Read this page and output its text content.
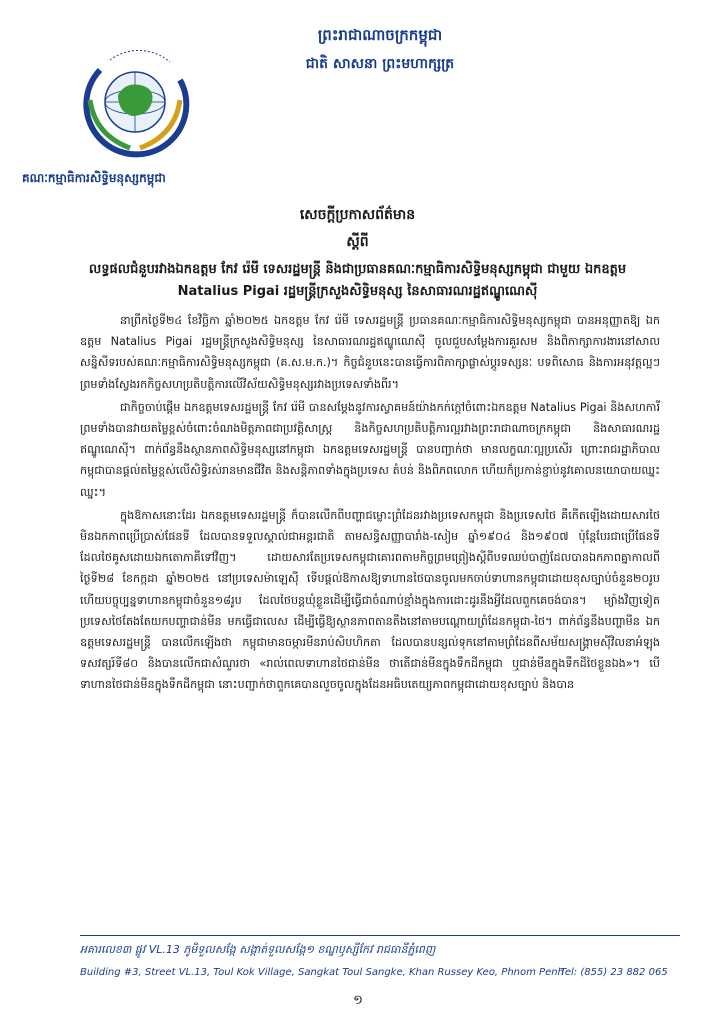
គណៈកម្មាធិការសិទ្ធិមនុស្សកម្ពុជា
ព្រះរាជាណាចក្រកម្ពុជា
ជាតិ សាសនា ព្រះមហាក្សត្រ
សេចក្តីប្រកាសព័ត៌មាន
ស្តីពី
លទ្ធផលជំនួបរវាងឯកឧត្តម កែវ រ៉េមី ទេសរដ្ឋមន្ត្រី និងជាប្រធានគណៈកម្មាធិការសិទ្ធិមនុស្សកម្ពុជា ជាមួយ ឯកឧត្តម Natalius Pigai រដ្ឋមន្ត្រីក្រសួងសិទ្ធិមនុស្ស នៃសាធារណរដ្ឋឥណ្ឌូណេស៊ី

នាព្រឹកថ្ងៃទី២៤ ខែវិច្ឆិកា ឆ្នាំ២០២៥ ឯកឧត្តម កែវ រ៉េមី ទេសរដ្ឋមន្ត្រី ប្រធានគណៈកម្មាធិការសិទ្ធិមនុស្សកម្ពុជា បានអនុញ្ញាតឱ្យ ឯកឧត្តម Natalius Pigai រដ្ឋមន្ត្រីក្រសួងសិទ្ធិមនុស្ស នៃសាធារណរដ្ឋឥណ្ឌូណេស៊ី ចូលជួបសម្តែងការគួរសម និងពិភាក្សាការងារនៅសាលសន្និសីទរបស់គណៈកម្មាធិការសិទ្ធិមនុស្សកម្ពុជា (គ.ស.ម.ក.)។ កិច្ចជំនួបនេះបានធ្វើការពិភាក្សាផ្លាស់ប្តូរទស្សនៈ បទពិសោធ និងការអនុវត្តល្អៗ ព្រមទាំងស្វែងរកកិច្ចសហប្រតិបត្តិការលើវិស័យសិទ្ធិមនុស្សរវាងប្រទេសទាំងពីរ។

ជាកិច្ចចាប់ផ្តើម ឯកឧត្តមទេសរដ្ឋមន្ត្រី កែវ រ៉េមី បានសម្តែងនូវការស្វាគមន៍យ៉ាងកក់ក្តៅចំពោះឯកឧត្តម Natalius Pigai និងសហការី ព្រមទាំងបានវាយតម្លៃខ្ពស់ចំពោះចំណងមិត្តភាពជាប្រវត្តិសាស្ត្រ និងកិច្ចសហប្រតិបត្តិការល្អរវាងព្រះរាជាណាចក្រកម្ពុជា និងសាធារណរដ្ឋឥណ្ឌូណេស៊ី។ ពាក់ព័ន្ធនឹងស្ថានភាពសិទ្ធិមនុស្សនៅកម្ពុជា ឯកឧត្តមទេសរដ្ឋមន្ត្រី បានបញ្ជាក់ថា មានលក្ខណៈល្អប្រសើរ ព្រោះរាជរដ្ឋាភិបាលកម្ពុជាបានផ្តល់តម្លៃខ្ពស់លើសិទ្ធិរស់រានមានជីវិត និងសន្តិភាពទាំងក្នុងប្រទេស តំបន់ និងពិភពលោក ហើយក៏ប្រកាន់ខ្ជាប់នូវគោលនយោបាយឈ្នះ ឈ្នះ។

ក្នុងឱកាសនោះដែរ ឯកឧត្តមទេសរដ្ឋមន្ត្រី ក៏បានលើកពីបញ្ហាជម្លោះព្រំដែនរវាងប្រទេសកម្ពុជា និងប្រទេសថៃ គឺកើតឡើងដោយសារថៃមិនឯកភាពប្រើប្រាស់ផែនទី ដែលបានទទួលស្គាល់ជាអន្តរជាតិ តាមសន្ធិសញ្ញាបារាំង-សៀម ឆ្នាំ១៩០៤ និង១៩០៧ ប៉ុន្តែបែរជាប្រើផែនទីដែលថៃគូសដោយឯកតោភាគីទៅវិញ។ ដោយសារតែប្រទេសកម្ពុជាគោរពតាមកិច្ចព្រមព្រៀងស្តីពីបទឈប់បាញ់ដែលបានឯកភាពគ្នាកាលពីថ្ងៃទី២៨ ខែកក្កដា ឆ្នាំ២០២៥ នៅប្រទេសម៉ាឡេស៊ី ទើបផ្តល់ឱកាសឱ្យទាហានថៃបានចូលមកចាប់ទាហានកម្ពុជាដោយខុសច្បាប់ចំនួន២០រូប ហើយបច្ចុប្បន្នទាហានកម្ពុជាចំនួន១៨រូប ដែលថៃបន្តឃុំខ្លួនដើម្បីធ្វើជាចំណាប់ខ្មាំងក្នុងការដោះដូរនឹងអ្វីដែលពួកគេចង់បាន។ ម្យ៉ាងវិញទៀត ប្រទេសថៃតែងតែយកបញ្ហាជាន់មីន មកធ្វើជាលេស ដើម្បីធ្វើឱ្យស្ថានភាពតានតឹងនៅតាមបណ្តោយព្រំដែនកម្ពុជា-ថៃ។ ពាក់ព័ន្ធនឹងបញ្ហាមីន ឯកឧត្តមទេសរដ្ឋមន្ត្រី បានលើកឡើងថា កម្ពុជាមានចម្ការមីនរាប់សិបហិកតា ដែលបានបន្សល់ទុកនៅតាមព្រំដែនពីសម័យសង្គ្រាមស៊ីវិលនាអំឡុងទសវត្សរ៍ទី៨០ និងបានលើកជាសំណួរថា «រាល់ពេលទាហានថៃជាន់មីន ថាតើជាន់មីនក្នុងទឹកដីកម្ពុជា ឬជាន់មីនក្នុងទឹកដីថៃខ្លួនឯង»។ បើទាហានថៃជាន់មីនក្នុងទឹកដីកម្ពុជា នោះបញ្ជាក់ថាពួកគេបានលួចចូលក្នុងដែនអធិបតេយ្យភាពកម្ពុជាដោយខុសច្បាប់ និងបាន

អគារលេខ៣ ផ្លូវ VL.13 ភូមិទួលសង្កែ សង្កាត់ទួលសង្កែ១ ខណ្ឌឫស្សីកែវ រាជធានីភ្នំពេញ
Building #3, Street VL.13, Toul Kok Village, Sangkat Toul Sangke, Khan Russey Keo, Phnom Penh
Tel: (855) 23 882 065
១
